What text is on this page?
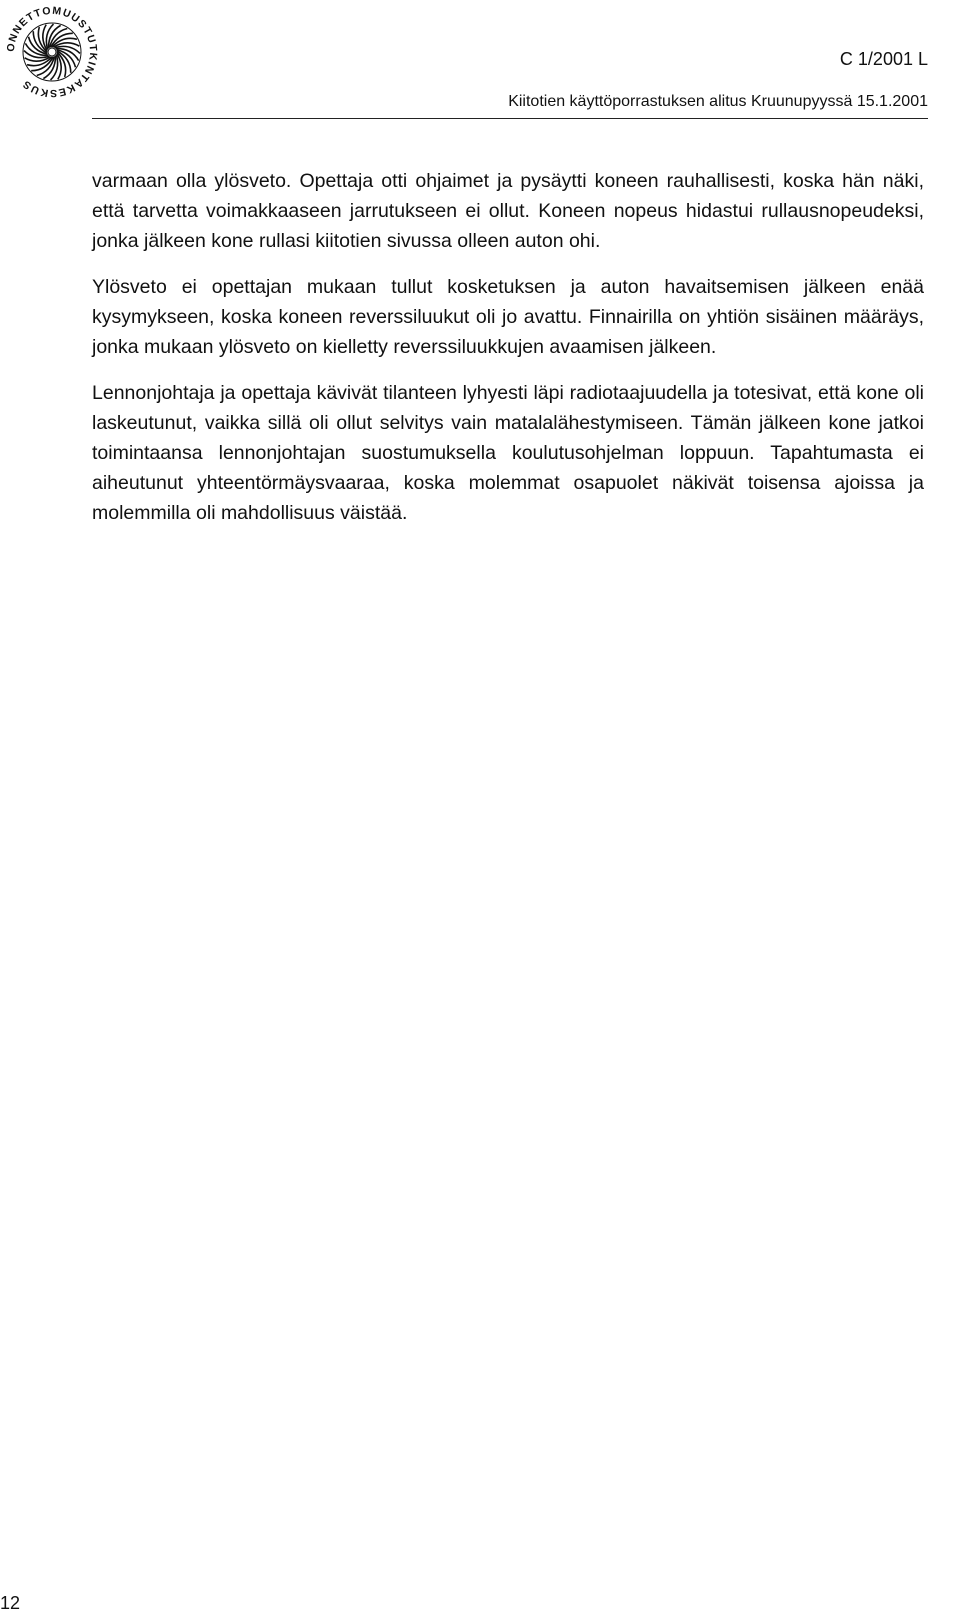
ONNETTOMUUSTUTKINTAKESKUS
C 1/2001 L
Kiitotien käyttöporrastuksen alitus Kruunupyyssä 15.1.2001

varmaan olla ylösveto. Opettaja otti ohjaimet ja pysäytti koneen rauhallisesti, koska hän näki, että tarvetta voimakkaaseen jarrutukseen ei ollut. Koneen nopeus hidastui rullausnopeudeksi, jonka jälkeen kone rullasi kiitotien sivussa olleen auton ohi.

Ylösveto ei opettajan mukaan tullut kosketuksen ja auton havaitsemisen jälkeen enää kysymykseen, koska koneen reverssiluukut oli jo avattu. Finnairilla on yhtiön sisäinen määräys, jonka mukaan ylösveto on kielletty reverssiluukkujen avaamisen jälkeen.

Lennonjohtaja ja opettaja kävivät tilanteen lyhyesti läpi radiotaajuudella ja totesivat, että kone oli laskeutunut, vaikka sillä oli ollut selvitys vain matalalähestymiseen. Tämän jälkeen kone jatkoi toimintaansa lennonjohtajan suostumuksella koulutusohjelman loppuun. Tapahtumasta ei aiheutunut yhteentörmäysvaaraa, koska molemmat osapuolet näkivät toisensa ajoissa ja molemmilla oli mahdollisuus väistää.

12
